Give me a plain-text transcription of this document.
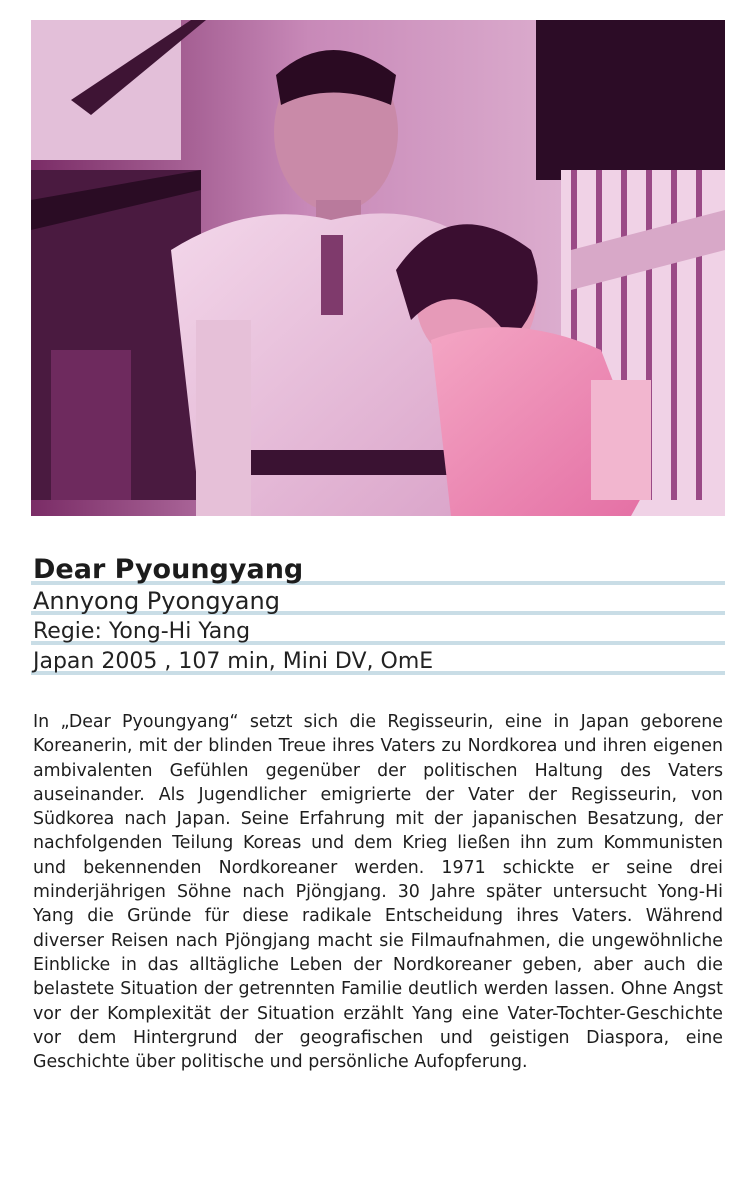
Dear Pyoungyang
Annyong Pyongyang
Regie: Yong-Hi Yang
Japan 2005 , 107 min, Mini DV, OmE

In „Dear Pyoungyang“ setzt sich die Regisseurin, eine in Japan geborene Koreanerin, mit der blinden Treue ihres Vaters zu Nordkorea und ihren eigenen ambivalenten Gefühlen gegenüber der politischen Haltung des Vaters auseinander. Als Jugendlicher emigrierte der Vater der Regisseurin, von Südkorea nach Japan. Seine Erfahrung mit der japanischen Besatzung, der nachfolgenden Teilung Koreas und dem Krieg ließen ihn zum Kommunisten und bekennenden Nordkoreaner werden. 1971 schickte er seine drei minderjährigen Söhne nach Pjöngjang. 30 Jahre später untersucht Yong-Hi Yang die Gründe für diese radikale Entscheidung ihres Vaters. Während diverser Reisen nach Pjöngjang macht sie Filmaufnahmen, die ungewöhnliche Einblicke in das alltägliche Leben der Nordkoreaner geben, aber auch die belastete Situation der getrennten Familie deutlich werden lassen. Ohne Angst vor der Komplexität der Situation erzählt Yang eine Vater-Tochter-Geschichte vor dem Hintergrund der geografischen und geistigen Diaspora, eine Geschichte über politische und persönliche Aufopferung.
